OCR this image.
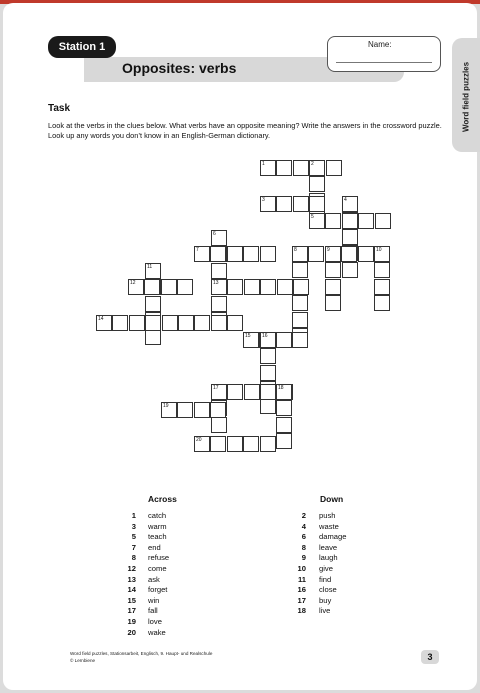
1	2
3	4
5
6
7	8	9	10
11
12	13
14
15 16
17	18
19
20
Station 1
Opposites: verbs
Name:
Word field puzzles
Task
Look at the verbs in the clues below. What verbs have an opposite meaning? Write the answers in the crossword puzzle. Look up any words you don’t know in an English-German dictionary.
Across	Down
1 catch
3 warm
5 teach
7 end
8 refuse
12 come
13 ask
14 forget
15 win
17 fall
19 love
20 wake
2 push
4 waste
6 damage
8 leave
9 laugh
10 give
11 find
16 close
17 buy
18 live
Word field puzzles, Stationsarbeit, Englisch, 9. Haupt- und Realschule
© Lernbiene	3
